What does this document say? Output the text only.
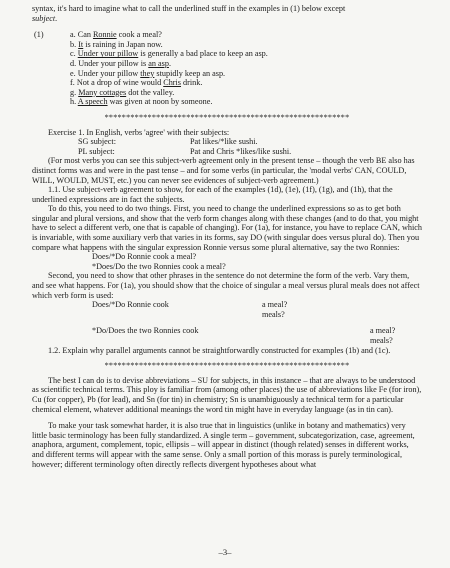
syntax, it's hard to imagine what to call the underlined stuff in the examples in (1) below except

subject.

(1)	a. Can Ronnie cook a meal?
b. It is raining in Japan now.
c. Under your pillow is generally a bad place to keep an asp.
d. Under your pillow is an asp.
e. Under your pillow they stupidly keep an asp.
f. Not a drop of wine would Chris drink.
g. Many cottages dot the valley.
h. A speech was given at noon by someone.
*********************************************************

Exercise 1. In English, verbs 'agree' with their subjects:

SG subject:	Pat likes/*like sushi.
PL subject:	Pat and Chris *likes/like sushi.

(For most verbs you can see this subject-verb agreement only in the present tense – though the verb BE also has distinct forms was and were in the past tense – and for some verbs (in particular, the 'modal verbs' CAN, COULD, WILL, WOULD, MUST, etc.) you can never see evidences of subject-verb agreement.)

1.1. Use subject-verb agreement to show, for each of the examples (1d), (1e), (1f), (1g), and (1h), that the underlined expressions are in fact the subjects.

To do this, you need to do two things. First, you need to change the underlined expressions so as to get both singular and plural versions, and show that the verb form changes along with these changes (and to do that, you might have to select a different verb, one that is capable of changing). For (1a), for instance, you have to replace CAN, which is invariable, with some auxiliary verb that varies in its forms, say DO (with singular does versus plural do). Then you compare what happens with the singular expression Ronnie versus some plural alternative, say the two Ronnies:

Does/*Do Ronnie cook a meal?
*Does/Do the two Ronnies cook a meal?

Second, you need to show that other phrases in the sentence do not determine the form of the verb. Vary them, and see what happens. For (1a), you should show that the choice of singular a meal versus plural meals does not affect which verb form is used:

Does/*Do Ronnie cook	a meal?
meals?
*Do/Does the two Ronnies cook	a meal?
meals?

1.2. Explain why parallel arguments cannot be straightforwardly constructed for examples (1b) and (1c).

*********************************************************

The best I can do is to devise abbreviations – SU for subjects, in this instance – that are always to be understood as scientific technical terms. This ploy is familiar from (among other places) the use of abbreviations like Fe (for iron), Cu (for copper), Pb (for lead), and Sn (for tin) in chemistry; Sn is unambiguously a technical term for a particular chemical element, whatever additional meanings the word tin might have in everyday language (as in tin can).

To make your task somewhat harder, it is also true that in linguistics (unlike in botany and mathematics) very little basic terminology has been fully standardized. A single term – government, subcategorization, case, agreement, anaphora, argument, complement, topic, ellipsis – will appear in distinct (though related) senses in different works, and different terms will appear with the same sense. Only a small portion of this morass is purely terminological, however; different terminology often directly reflects divergent hypotheses about what

–3–
